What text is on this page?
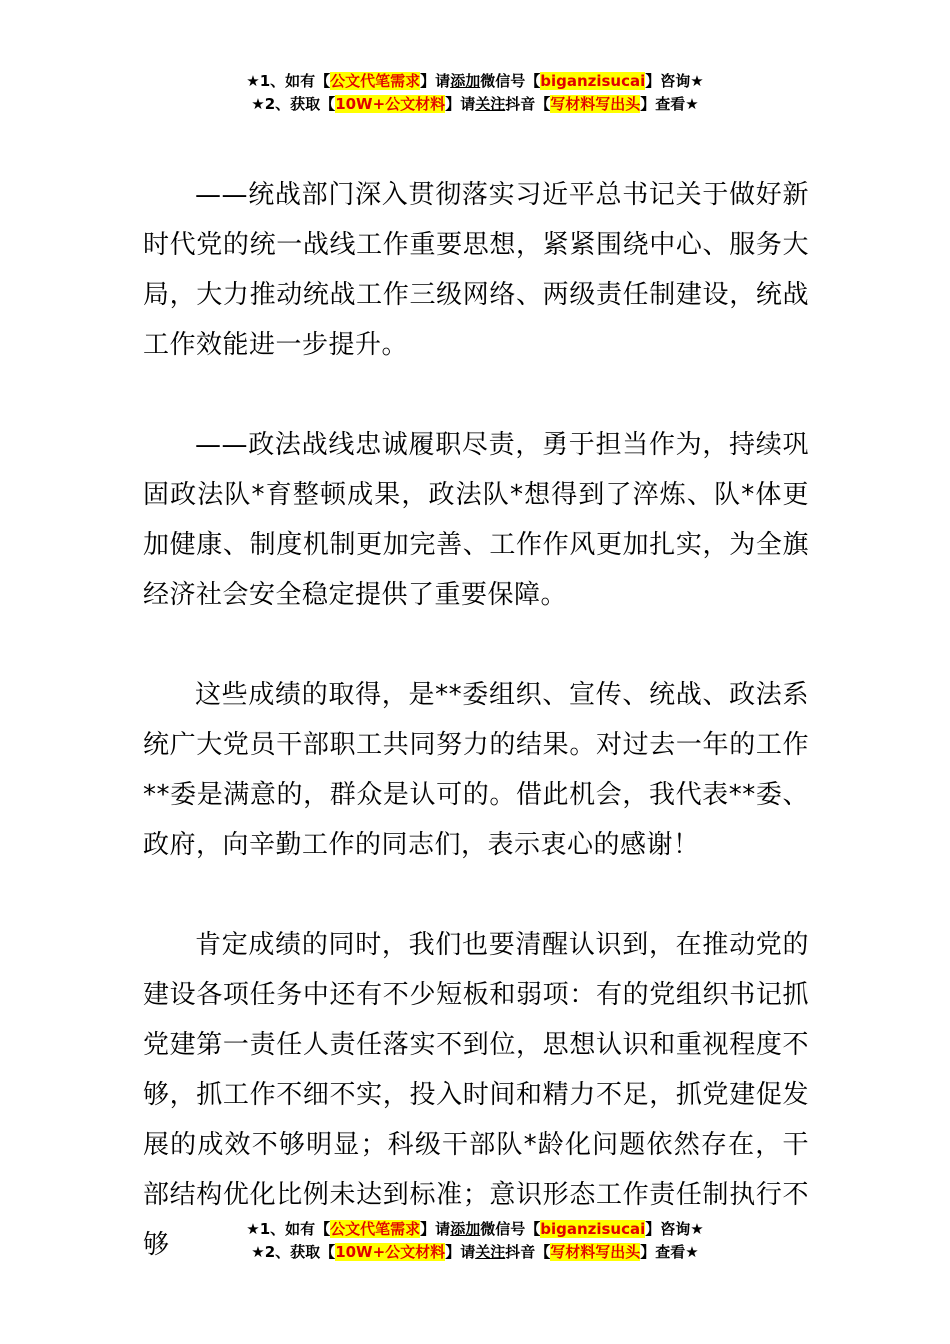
★1、如有【公文代笔需求】请添加微信号【biganzisucai】咨询★
★2、获取【10W+公文材料】请关注抖音【写材料写出头】查看★

——统战部门深入贯彻落实习近平总书记关于做好新时代党的统一战线工作重要思想，紧紧围绕中心、服务大局，大力推动统战工作三级网络、两级责任制建设，统战工作效能进一步提升。

——政法战线忠诚履职尽责，勇于担当作为，持续巩固政法队*育整顿成果，政法队*想得到了淬炼、队*体更加健康、制度机制更加完善、工作作风更加扎实，为全旗经济社会安全稳定提供了重要保障。

这些成绩的取得，是**委组织、宣传、统战、政法系统广大党员干部职工共同努力的结果。对过去一年的工作**委是满意的，群众是认可的。借此机会，我代表**委、政府，向辛勤工作的同志们，表示衷心的感谢！

肯定成绩的同时，我们也要清醒认识到，在推动党的建设各项任务中还有不少短板和弱项：有的党组织书记抓党建第一责任人责任落实不到位，思想认识和重视程度不够，抓工作不细不实，投入时间和精力不足，抓党建促发展的成效不够明显；科级干部队*龄化问题依然存在，干部结构优化比例未达到标准；意识形态工作责任制执行不够

★1、如有【公文代笔需求】请添加微信号【biganzisucai】咨询★
★2、获取【10W+公文材料】请关注抖音【写材料写出头】查看★
